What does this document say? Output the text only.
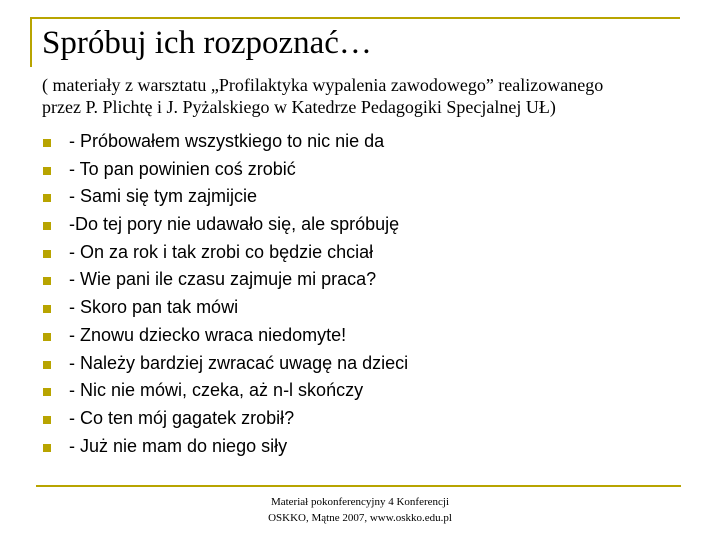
Spróbuj ich rozpoznać…
( materiały z warsztatu „Profilaktyka wypalenia zawodowego” realizowanego
przez P. Plichtę i J. Pyżalskiego w Katedrze Pedagogiki Specjalnej UŁ)
- Próbowałem wszystkiego to nic nie da
- To pan powinien coś zrobić
- Sami się tym zajmijcie
-Do tej pory nie udawało się, ale spróbuję
- On za rok i tak zrobi co będzie chciał
- Wie pani ile czasu zajmuje mi praca?
- Skoro pan tak mówi
- Znowu dziecko wraca niedomyte!
- Należy bardziej zwracać uwagę na dzieci
- Nic nie mówi, czeka, aż n-l skończy
- Co ten mój gagatek zrobił?
- Już nie mam do niego siły
Materiał pokonferencyjny 4 Konferencji
OSKKO, Mątne 2007, www.oskko.edu.pl
